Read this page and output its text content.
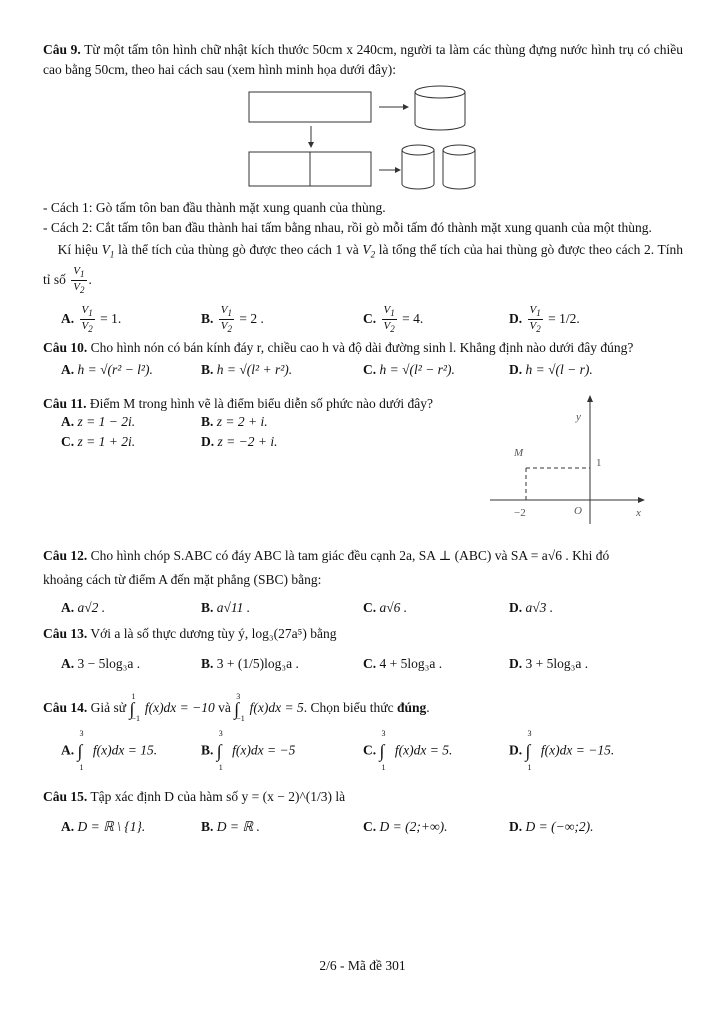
Câu 9. Từ một tấm tôn hình chữ nhật kích thước 50cm x 240cm, người ta làm các thùng đựng nước hình trụ có chiều cao bằng 50cm, theo hai cách sau (xem hình minh họa dưới đây):

- Cách 1: Gò tấm tôn ban đầu thành mặt xung quanh của thùng.

- Cách 2: Cắt tấm tôn ban đầu thành hai tấm bằng nhau, rồi gò mỗi tấm đó thành mặt xung quanh của một thùng.

Kí hiệu $V_1$ là thể tích của thùng gò được theo cách 1 và $V_2$ là tổng thể tích của hai thùng gò được theo cách 2. Tính tỉ số $\frac{V_1}{V_2}$ .

A. $\frac{V_1}{V_2} = 1$.	B. $\frac{V_1}{V_2} = 2$ .	C. $\frac{V_1}{V_2} = 4$.	D. $\frac{V_1}{V_2} = 1/2$.

Câu 10. Cho hình nón có bán kính đáy r, chiều cao h và độ dài đường sinh l. Khẳng định nào dưới đây đúng?

A. h = √(r² − l²).	B. h = √(l² + r²).	C. h = √(l² − r²).	D. h = √(l − r).

Câu 11. Điểm M trong hình vẽ là điểm biểu diễn số phức nào dưới đây?

A. z = 1 − 2i.	B. z = 2 + i.
C. z = 1 + 2i.	D. z = −2 + i.
y
x
M
1
−2	O

Câu 12. Cho hình chóp S.ABC có đáy ABC là tam giác đều cạnh 2a, SA ⊥ (ABC) và SA = a√6 . Khi đó

khoảng cách từ điểm A đến mặt phẳng (SBC) bằng:

A. a√2 .	B. a√11 .	C. a√6 .	D. a√3 .

Câu 13. Với a là số thực dương tùy ý, log₃(27a⁵) bằng

A. 3 − 5log₃a .	B. 3 + (1/5)log₃a .	C. 4 + 5log₃a .	D. 3 + 5log₃a .

Câu 14. Giả sử ∫
1
−1
f(x)dx = −10 và ∫
3
−1
f(x)dx = 5. Chọn biểu thức đúng.

A. ∫
3
1
f(x)dx = 15.	B. ∫
3
1
f(x)dx = −5	C. ∫
3
1
f(x)dx = 5.	D. ∫
3
1
f(x)dx = −15.

Câu 15. Tập xác định D của hàm số y = (x − 2)^(1/3) là

A. D = ℝ \ {1}.	B. D = ℝ .	C. D = (2;+∞).	D. D = (−∞;2).
2/6 - Mã đề 301
